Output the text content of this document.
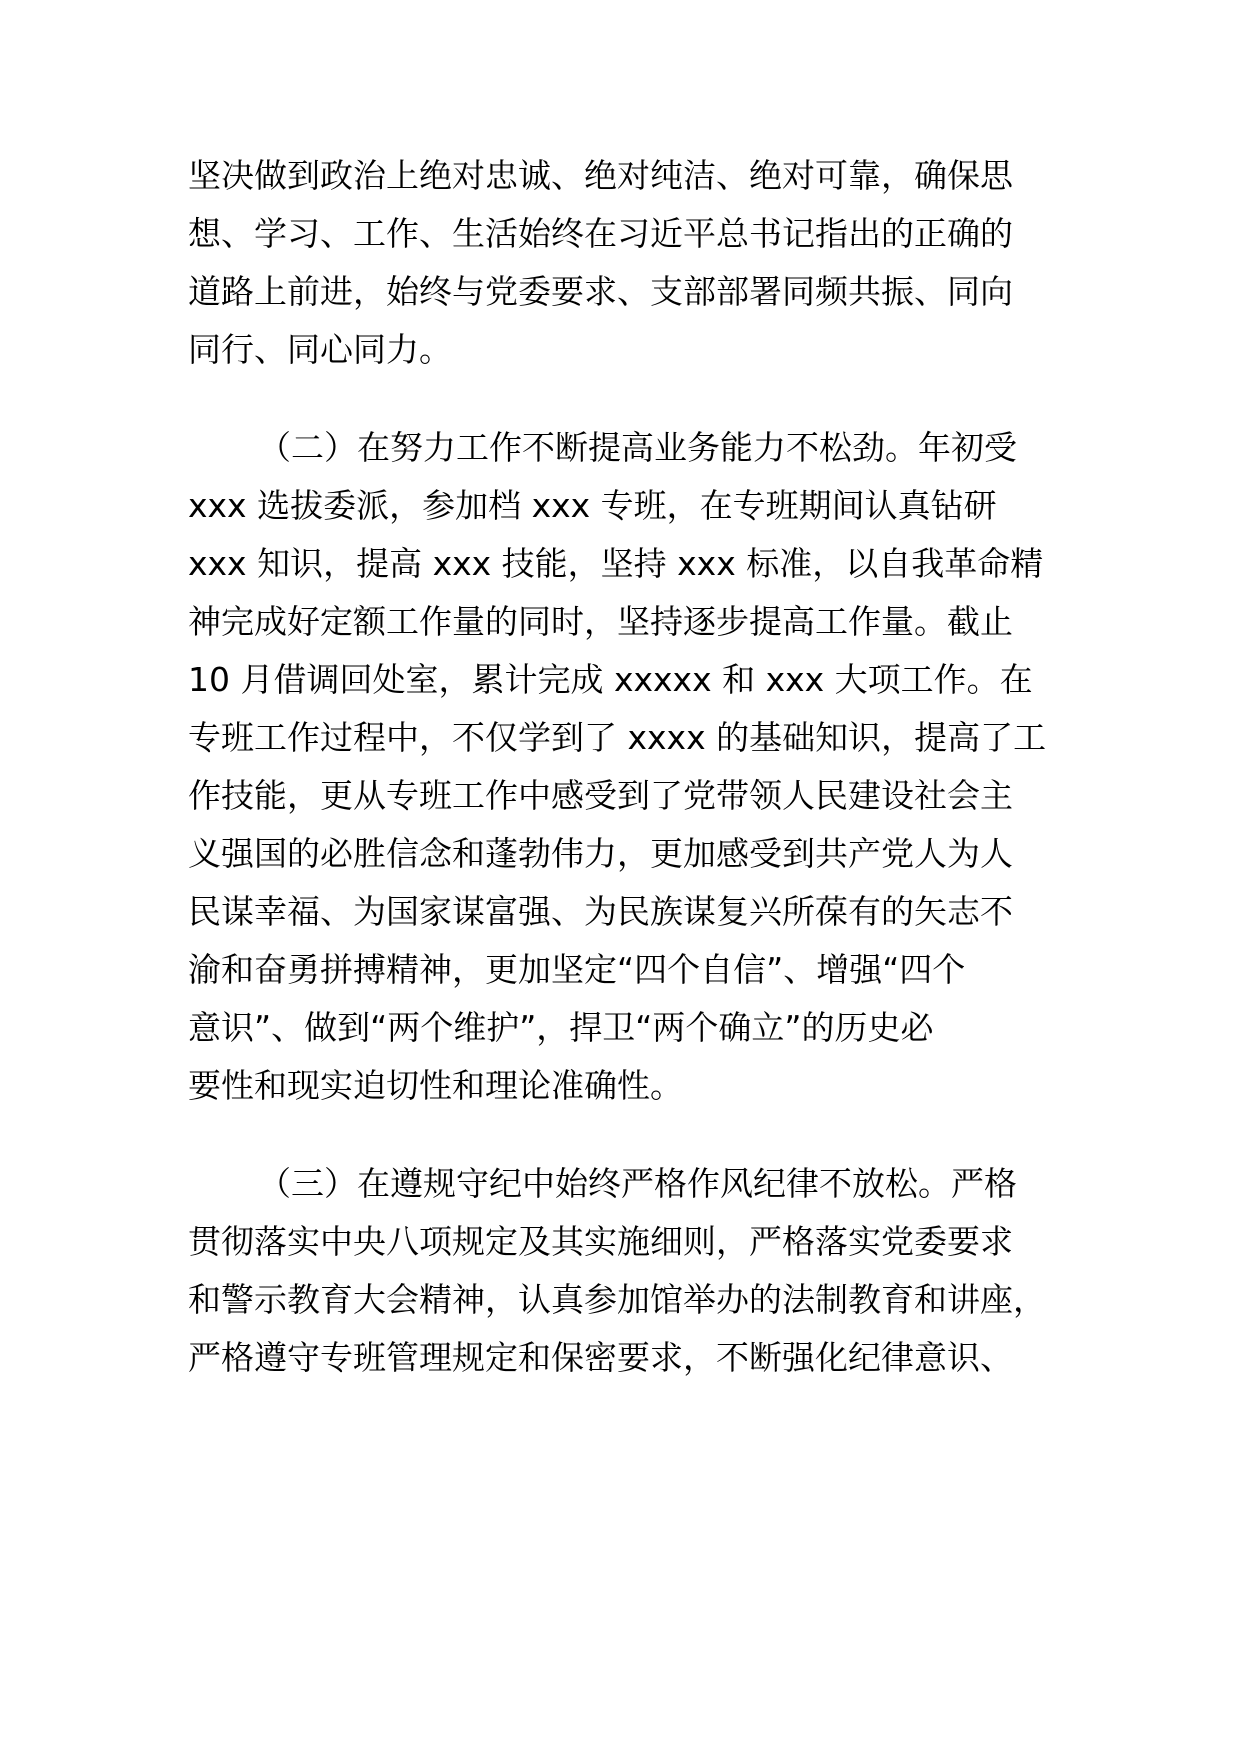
坚决做到政治上绝对忠诚、绝对纯洁、绝对可靠，确保思
想、学习、工作、生活始终在习近平总书记指出的正确的
道路上前进，始终与党委要求、支部部署同频共振、同向
同行、同心同力。
（二）在努力工作不断提高业务能力不松劲。年初受
xxx 选拔委派，参加档 xxx 专班，在专班期间认真钻研
xxx 知识，提高 xxx 技能，坚持 xxx 标准，以自我革命精
神完成好定额工作量的同时，坚持逐步提高工作量。截止
10 月借调回处室，累计完成 xxxxx 和 xxx 大项工作。在
专班工作过程中，不仅学到了 xxxx 的基础知识，提高了工
作技能，更从专班工作中感受到了党带领人民建设社会主
义强国的必胜信念和蓬勃伟力，更加感受到共产党人为人
民谋幸福、为国家谋富强、为民族谋复兴所葆有的矢志不
渝和奋勇拼搏精神，更加坚定“四个自信”、增强“四个
意识”、做到“两个维护”，捍卫“两个确立”的历史必
要性和现实迫切性和理论准确性。
（三）在遵规守纪中始终严格作风纪律不放松。严格
贯彻落实中央八项规定及其实施细则，严格落实党委要求
和警示教育大会精神，认真参加馆举办的法制教育和讲座，
严格遵守专班管理规定和保密要求，不断强化纪律意识、
